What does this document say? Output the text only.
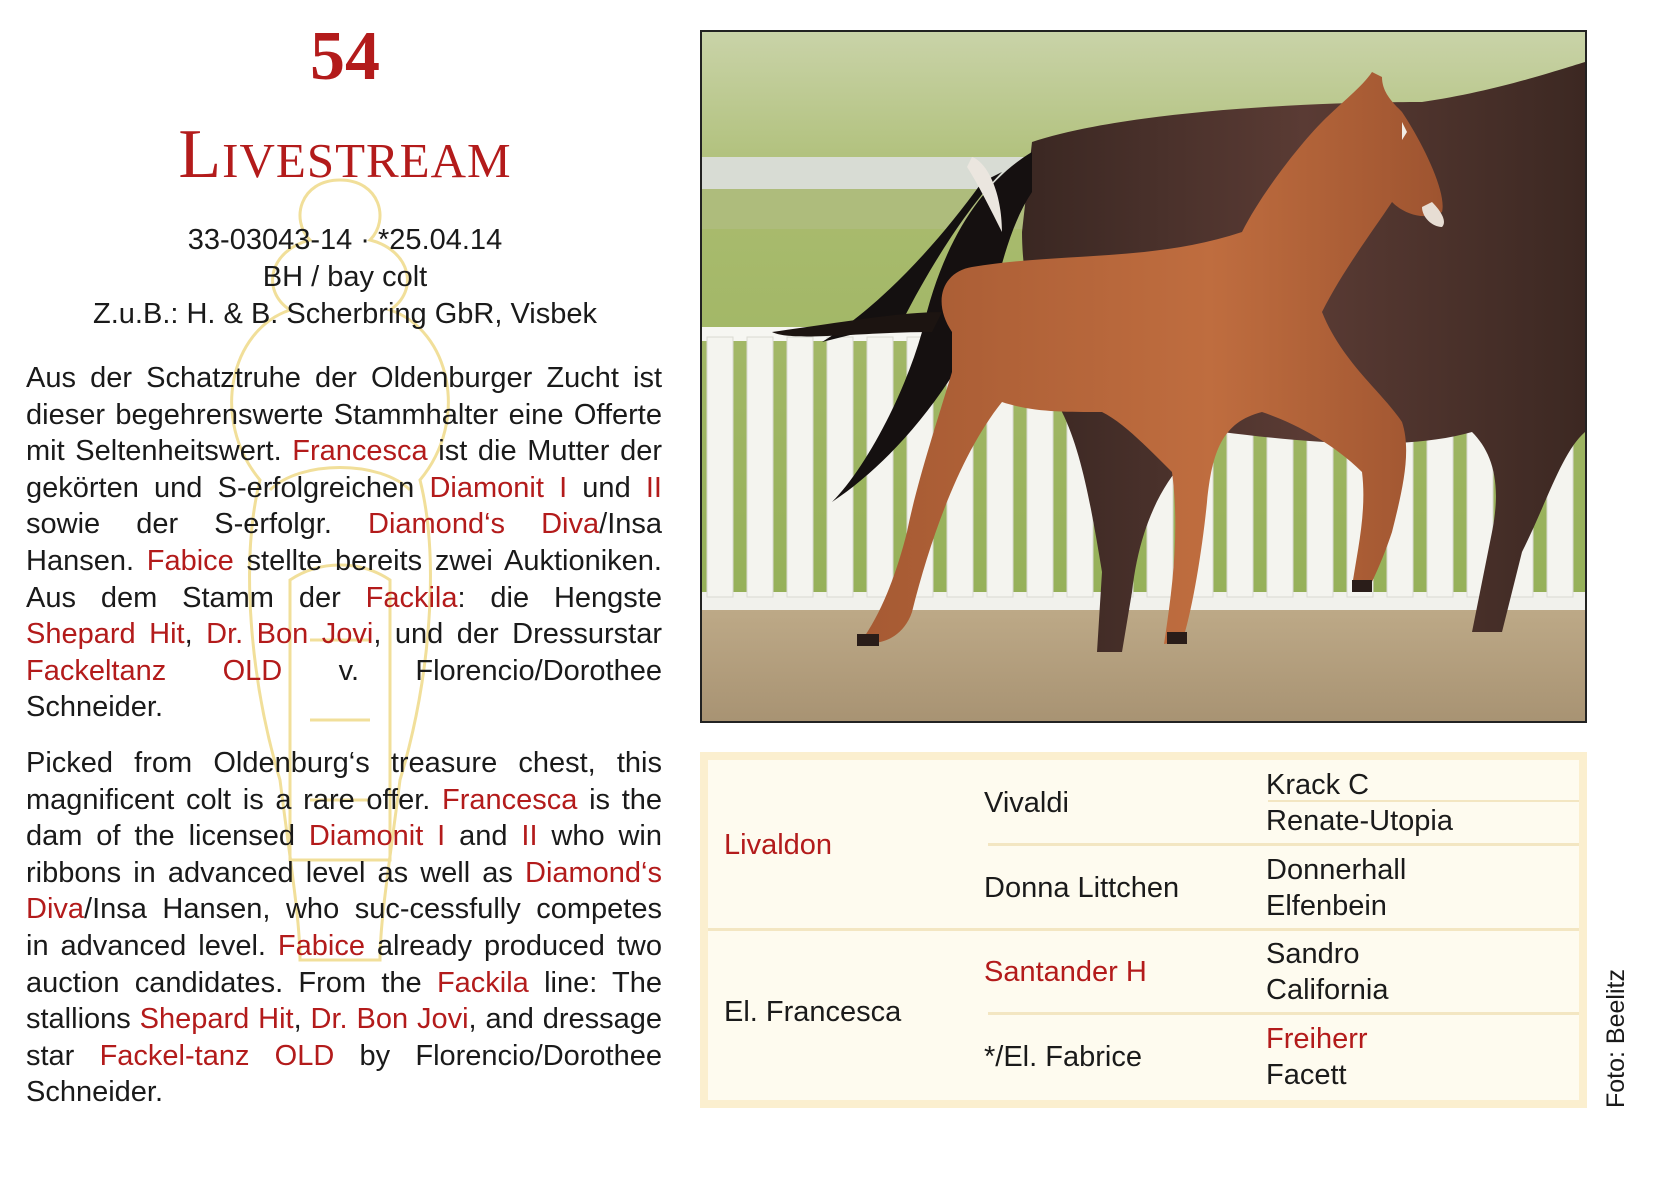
54
Livestream
33-03043-14 · *25.04.14
BH / bay colt
Z.u.B.: H. & B. Scherbring GbR, Visbek

Aus der Schatztruhe der Oldenburger Zucht ist dieser begehrenswerte Stammhalter eine Offerte mit Seltenheitswert. Francesca ist die Mutter der gekörten und S-erfolgreichen Diamonit I und II sowie der S-erfolgr. Diamond‘s Diva/Insa Hansen. Fabice stellte bereits zwei Auktioniken. Aus dem Stamm der Fackila: die Hengste Shepard Hit, Dr. Bon Jovi, und der Dressurstar Fackeltanz OLD v. Florencio/Dorothee Schneider.

Picked from Oldenburg‘s treasure chest, this magnificent colt is a rare offer. Francesca is the dam of the licensed Diamonit I and II who win ribbons in advanced level as well as Diamond‘s Diva/Insa Hansen, who suc-cessfully competes in advanced level. Fabice already produced two auction candidates. From the Fackila line: The stallions Shepard Hit, Dr. Bon Jovi, and dressage star Fackel-tanz OLD by Florencio/Dorothee Schneider.

Livaldon
El. Francesca
Vivaldi
Donna Littchen
Santander H
*/El. Fabrice
Krack C
Renate-Utopia
Donnerhall
Elfenbein
Sandro
California
Freiherr
Facett	Foto: Beelitz
